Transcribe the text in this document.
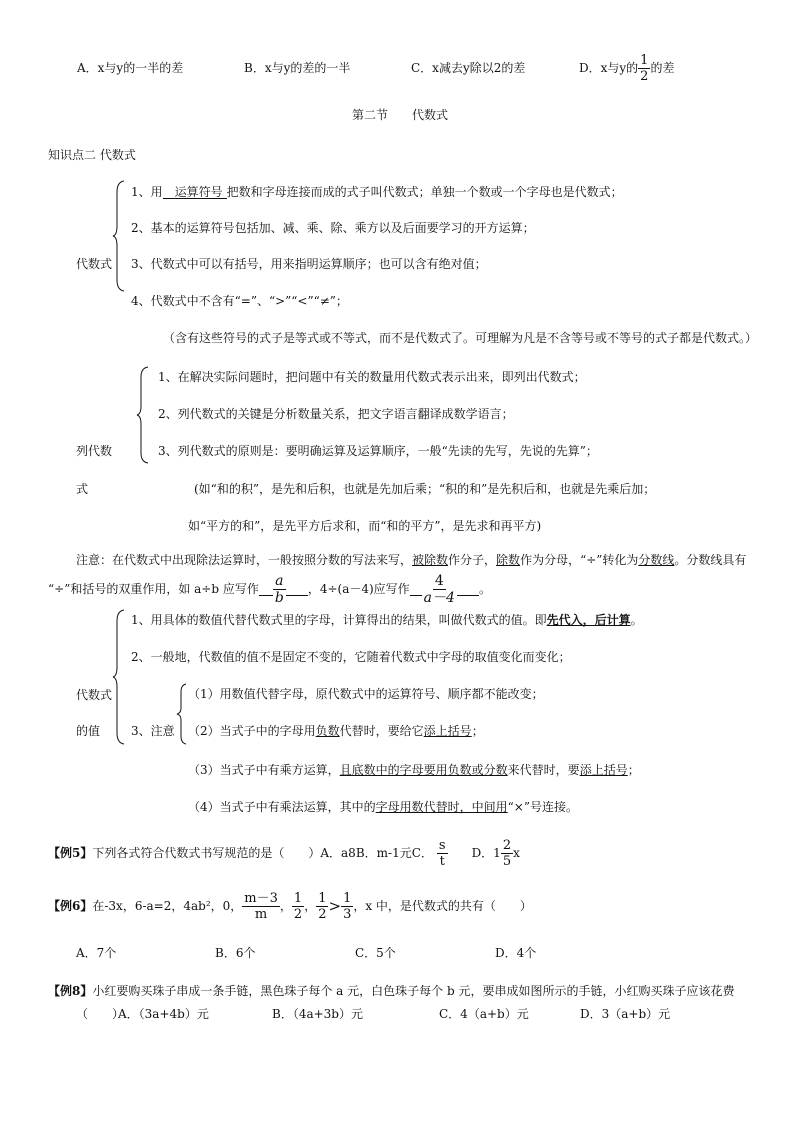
A．x与y的一半的差	B．x与y的差的一半	C．x减去y除以2的差	D．x与y的 $\frac{1}{2}$ 的差
第二节　　代数式
知识点二 代数式
代数式
1、用 运算符号 把数和字母连接而成的式子叫代数式；单独一个数或一个字母也是代数式；
2、基本的运算符号包括加、减、乘、除、乘方以及后面要学习的开方运算；
3、代数式中可以有括号，用来指明运算顺序；也可以含有绝对值；
4、代数式中不含有“=”、“>”“<”“≠”；
（含有这些符号的式子是等式或不等式，而不是代数式了。可理解为凡是不含等号或不等号的式子都是代数式。）
列代数
式
1、在解决实际问题时，把问题中有关的数量用代数式表示出来，即列出代数式；
2、列代数式的关键是分析数量关系，把文字语言翻译成数学语言；
3、列代数式的原则是：要明确运算及运算顺序，一般“先读的先写，先说的先算”；
(如“和的积”，是先和后积，也就是先加后乘；“积的和”是先积后和，也就是先乘后加；
如“平方的和”，是先平方后求和，而“和的平方”，是先求和再平方)
注意：在代数式中出现除法运算时，一般按照分数的写法来写，被除数作分子，除数作为分母，“÷”转化为分数线。分数线具有
“÷”和括号的双重作用，如 a÷b 应写作
$\frac{a}{b}$
，4÷(a－4)应写作
$\frac{4}{a-4}$
。
代数式
的值
1、用具体的数值代替代数式里的字母，计算得出的结果，叫做代数式的值。即先代入，后计算。
2、一般地，代数值的值不是固定不变的，它随着代数式中字母的取值变化而变化；
3、注意
（1）用数值代替字母，原代数式中的运算符号、顺序都不能改变；
（2）当式子中的字母用负数代替时，要给它添上括号；
（3）当式子中有乘方运算，且底数中的字母要用负数或分数来代替时，要添上括号；
（4）当式子中有乘法运算，其中的字母用数代替时，中间用“×”号连接。
【例5】 下列各式符合代数式书写规范的是（　　）A．a8B．m-1元C． $\frac{s}{t}$ D．$1 \frac{2}{5}$ x
【例6】 在-3x，6-a=2，4ab²，0， $\frac{m-3}{m}$ ， $\frac{1}{2}$ ， $\frac{1}{2} > \frac{1}{3}$ ，x 中，是代数式的共有（　　）
A．7个	B．6个	C．5个	D．4个
【例8】小红要购买珠子串成一条手链，黑色珠子每个 a 元，白色珠子每个 b 元，要串成如图所示的手链，小红购买珠子应该花费
（　　）
A．（3a+4b）元	B．（4a+3b）元	C．4（a+b）元	D．3（a+b）元
